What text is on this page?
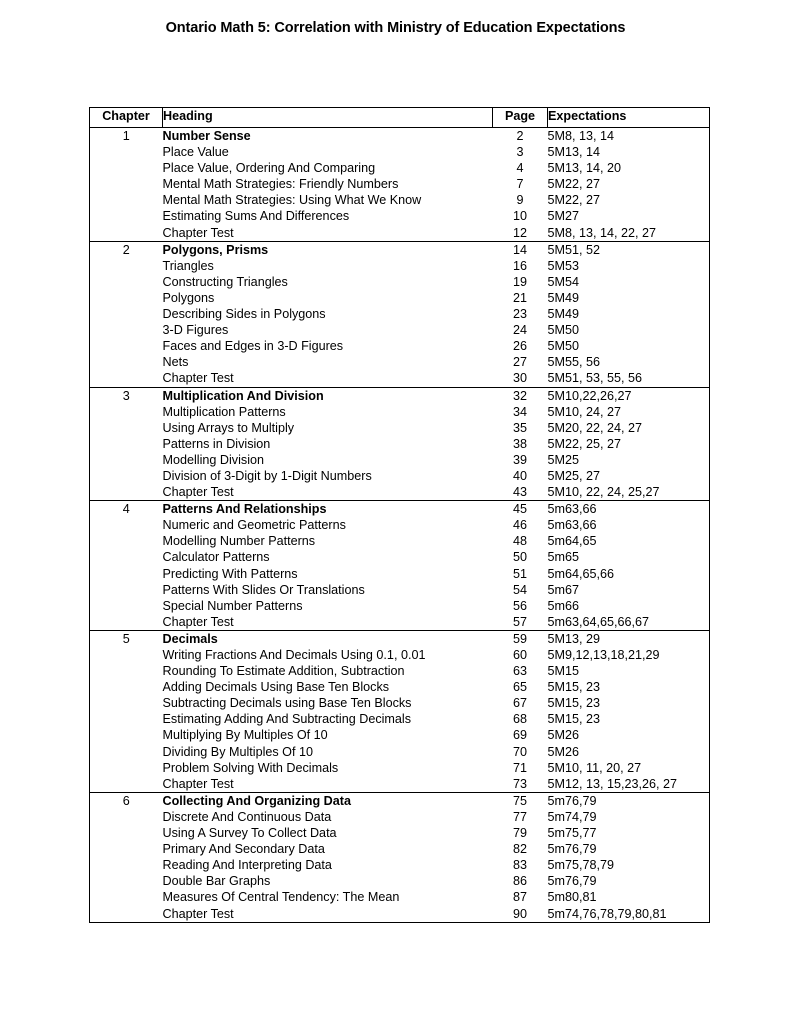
Ontario Math 5: Correlation with Ministry of Education Expectations
Chapter	Heading	Page	Expectations
1	Number Sense	2	5M8, 13, 14
	Place Value	3	5M13, 14
	Place Value, Ordering And Comparing	4	5M13, 14, 20
	Mental Math Strategies: Friendly Numbers	7	5M22, 27
	Mental Math Strategies: Using What We Know	9	5M22, 27
	Estimating Sums And Differences	10	5M27
	Chapter Test	12	5M8, 13, 14, 22, 27
2	Polygons, Prisms	14	5M51, 52
	Triangles	16	5M53
	Constructing Triangles	19	5M54
	Polygons	21	5M49
	Describing Sides in Polygons	23	5M49
	3-D Figures	24	5M50
	Faces and Edges in 3-D Figures	26	5M50
	Nets	27	5M55, 56
	Chapter Test	30	5M51, 53, 55, 56
3	Multiplication And Division	32	5M10,22,26,27
	Multiplication Patterns	34	5M10, 24, 27
	Using Arrays to Multiply	35	5M20, 22, 24, 27
	Patterns in Division	38	5M22, 25, 27
	Modelling Division	39	5M25
	Division of 3-Digit by 1-Digit Numbers	40	5M25, 27
	Chapter Test	43	5M10, 22, 24, 25,27
4	Patterns And Relationships	45	5m63,66
	Numeric and Geometric Patterns	46	5m63,66
	Modelling Number Patterns	48	5m64,65
	Calculator Patterns	50	5m65
	Predicting With Patterns	51	5m64,65,66
	Patterns With Slides Or Translations	54	5m67
	Special Number Patterns	56	5m66
	Chapter Test	57	5m63,64,65,66,67
5	Decimals	59	5M13, 29
	Writing Fractions And Decimals Using 0.1, 0.01	60	5M9,12,13,18,21,29
	Rounding To Estimate Addition, Subtraction	63	5M15
	Adding Decimals Using Base Ten Blocks	65	5M15, 23
	Subtracting Decimals using Base Ten Blocks	67	5M15, 23
	Estimating Adding And Subtracting Decimals	68	5M15, 23
	Multiplying By Multiples Of 10	69	5M26
	Dividing By Multiples Of 10	70	5M26
	Problem Solving With Decimals	71	5M10, 11, 20, 27
	Chapter Test	73	5M12, 13, 15,23,26, 27
6	Collecting And Organizing Data	75	5m76,79
	Discrete And Continuous Data	77	5m74,79
	Using A Survey To Collect Data	79	5m75,77
	Primary And Secondary Data	82	5m76,79
	Reading And Interpreting Data	83	5m75,78,79
	Double Bar Graphs	86	5m76,79
	Measures Of Central Tendency: The Mean	87	5m80,81
	Chapter Test	90	5m74,76,78,79,80,81
